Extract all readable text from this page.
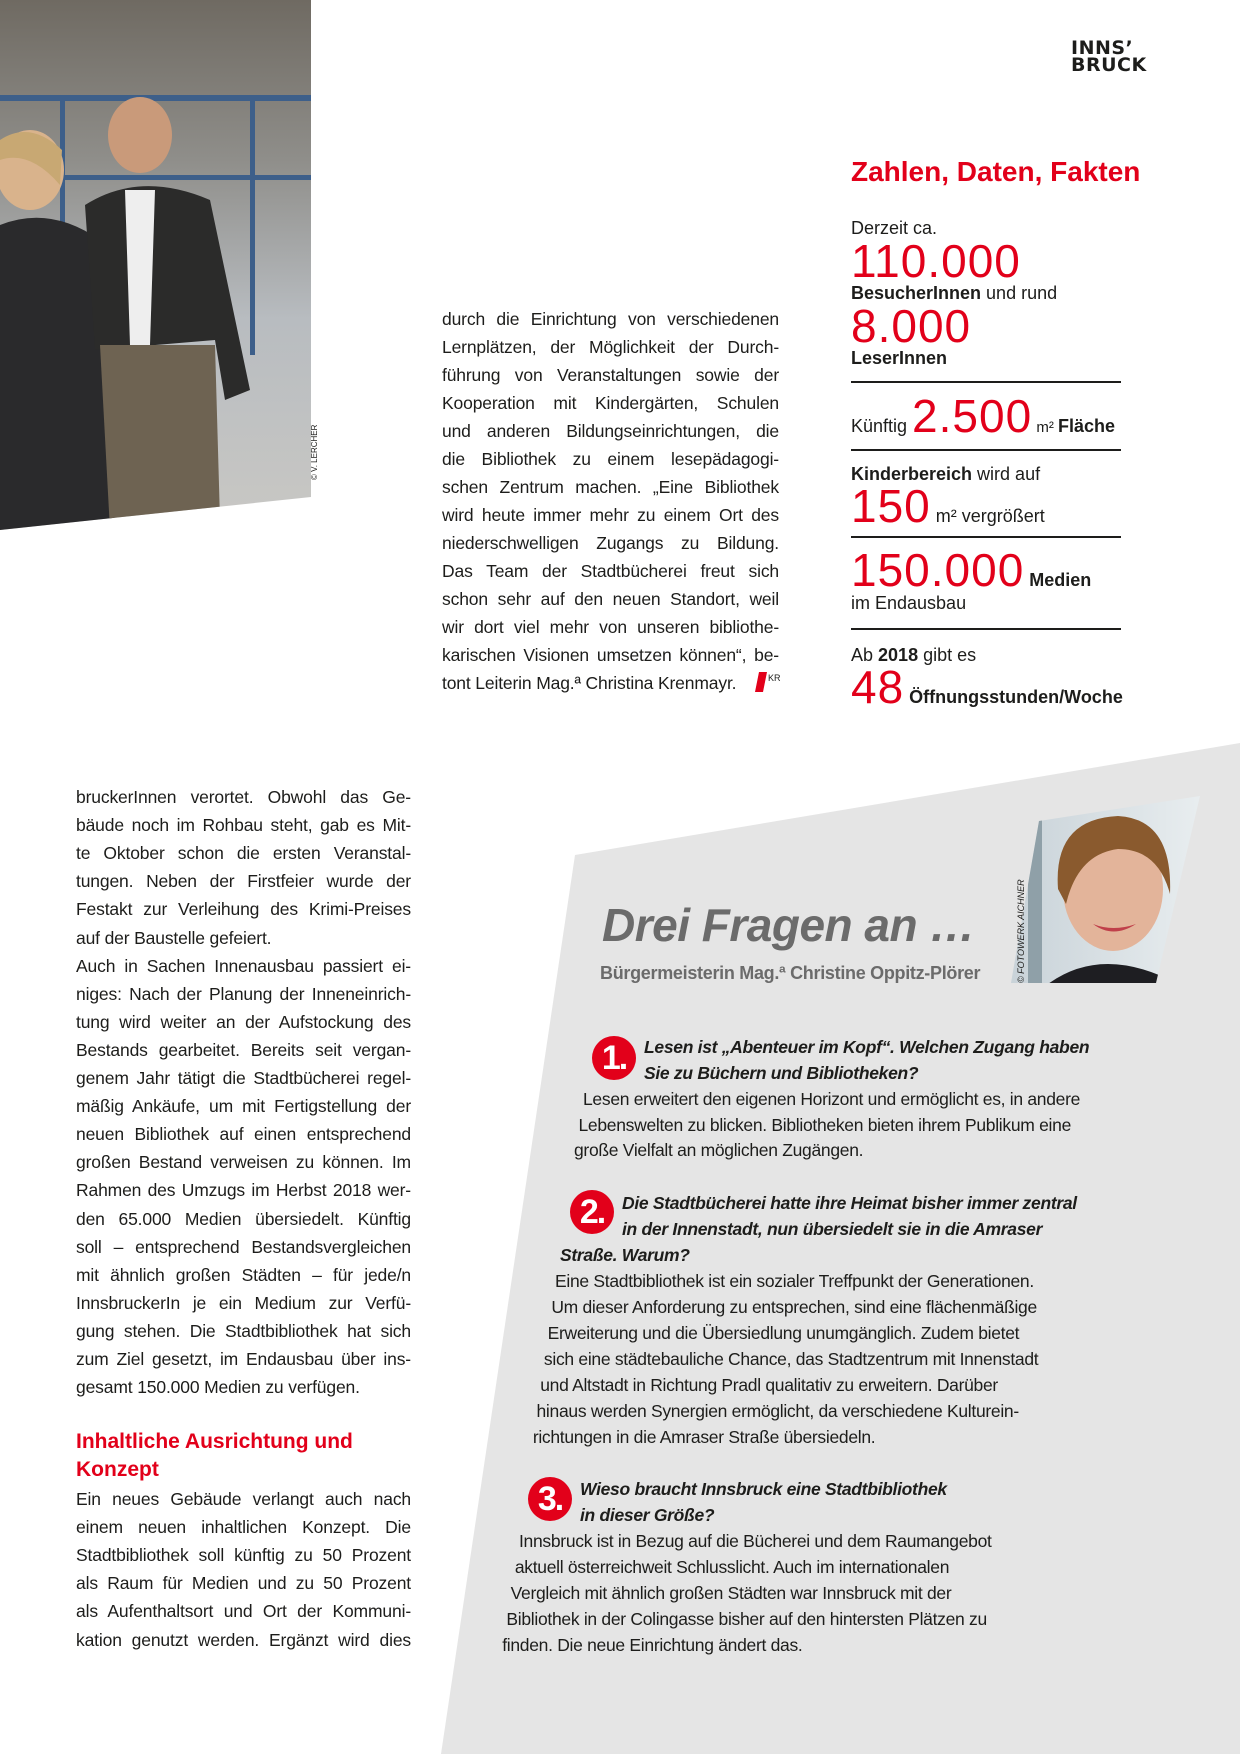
© V. LERCHER
INNS’
BRUCK
Zahlen, Daten, Fakten
Derzeit ca.
110.000
BesucherInnen und rund
8.000
LeserInnen
Künftig 2.500 m² Fläche
Kinderbereich wird auf
150 m² vergrößert
150.000 Medien
im Endausbau
Ab 2018 gibt es
48 Öffnungsstunden/Woche
durch die Einrichtung von verschiedenen
Lernplätzen, der Möglichkeit der Durch-
führung von Veranstaltungen sowie der
Kooperation mit Kindergärten, Schulen
und anderen Bildungseinrichtungen, die
die Bibliothek zu einem lesepädagogi-
schen Zentrum machen. „Eine Bibliothek
wird heute immer mehr zu einem Ort des
niederschwelligen Zugangs zu Bildung.
Das Team der Stadtbücherei freut sich
schon sehr auf den neuen Standort, weil
wir dort viel mehr von unseren bibliothe-
karischen Visionen umsetzen können“, be-
tont Leiterin Mag.ª Christina Krenmayr.	KR
bruckerInnen verortet. Obwohl das Ge-
bäude noch im Rohbau steht, gab es Mit-
te Oktober schon die ersten Veranstal-
tungen. Neben der Firstfeier wurde der
Festakt zur Verleihung des Krimi-Preises
auf der Baustelle gefeiert.
Auch in Sachen Innenausbau passiert ei-
niges: Nach der Planung der Inneneinrich-
tung wird weiter an der Aufstockung des
Bestands gearbeitet. Bereits seit vergan-
genem Jahr tätigt die Stadtbücherei regel-
mäßig Ankäufe, um mit Fertigstellung der
neuen Bibliothek auf einen entsprechend
großen Bestand verweisen zu können. Im
Rahmen des Umzugs im Herbst 2018 wer-
den 65.000 Medien übersiedelt. Künftig
soll – entsprechend Bestandsvergleichen
mit ähnlich großen Städten – für jede/n
InnsbruckerIn je ein Medium zur Verfü-
gung stehen. Die Stadtbibliothek hat sich
zum Ziel gesetzt, im Endausbau über ins-
gesamt 150.000 Medien zu verfügen.
Inhaltliche Ausrichtung und
Konzept
Ein neues Gebäude verlangt auch nach
einem neuen inhaltlichen Konzept. Die
Stadtbibliothek soll künftig zu 50 Prozent
als Raum für Medien und zu 50 Prozent
als Aufenthaltsort und Ort der Kommuni-
kation genutzt werden. Ergänzt wird dies
Drei Fragen an …
Bürgermeisterin Mag.ª Christine Oppitz-Plörer	© FOTOWERK AICHNER
1.	Lesen ist „Abenteuer im Kopf“. Welchen Zugang haben
Sie zu Büchern und Bibliotheken?
Lesen erweitert den eigenen Horizont und ermöglicht es, in andere
Lebenswelten zu blicken. Bibliotheken bieten ihrem Publikum eine
große Vielfalt an möglichen Zugängen.
2.	Die Stadtbücherei hatte ihre Heimat bisher immer zentral
in der Innenstadt, nun übersiedelt sie in die Amraser
Straße. Warum?
Eine Stadtbibliothek ist ein sozialer Treffpunkt der Generationen.
Um dieser Anforderung zu entsprechen, sind eine flächenmäßige
Erweiterung und die Übersiedlung unumgänglich. Zudem bietet
sich eine städtebauliche Chance, das Stadtzentrum mit Innenstadt
und Altstadt in Richtung Pradl qualitativ zu erweitern. Darüber
hinaus werden Synergien ermöglicht, da verschiedene Kulturein-
richtungen in die Amraser Straße übersiedeln.
3.	Wieso braucht Innsbruck eine Stadtbibliothek
in dieser Größe?
Innsbruck ist in Bezug auf die Bücherei und dem Raumangebot
aktuell österreichweit Schlusslicht. Auch im internationalen
Vergleich mit ähnlich großen Städten war Innsbruck mit der
Bibliothek in der Colingasse bisher auf den hintersten Plätzen zu
finden. Die neue Einrichtung ändert das.
